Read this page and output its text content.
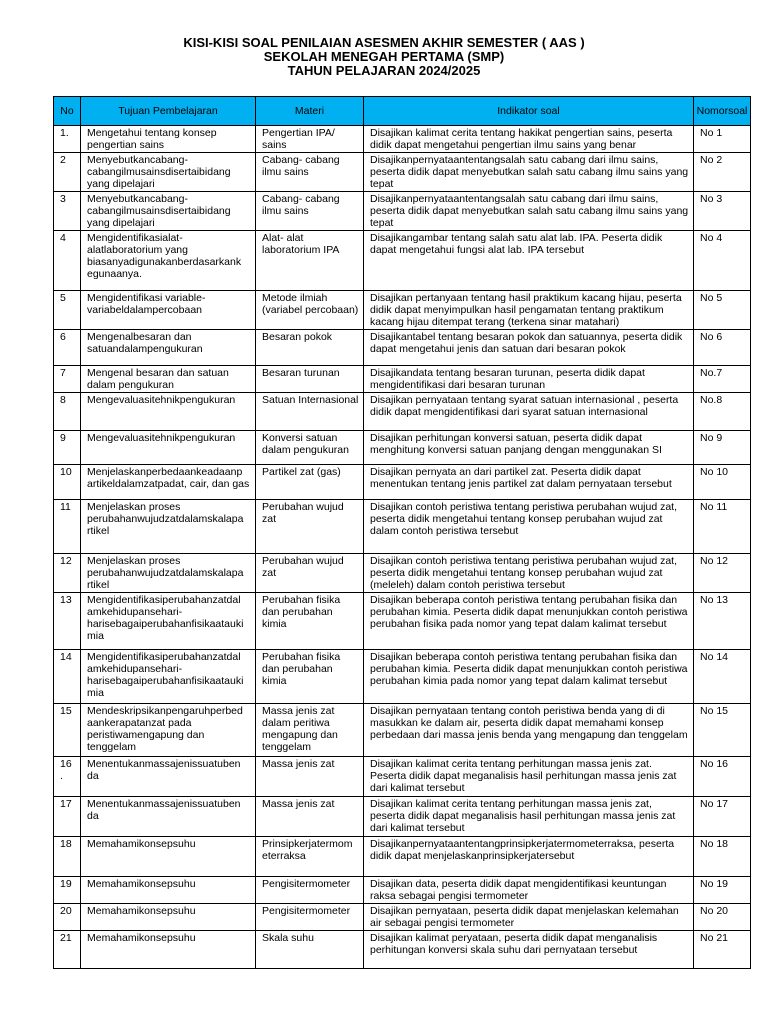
KISI-KISI SOAL PENILAIAN ASESMEN AKHIR SEMESTER ( AAS )
SEKOLAH MENEGAH PERTAMA (SMP)
TAHUN PELAJARAN 2024/2025
No	Tujuan Pembelajaran	Materi	Indikator soal	Nomorsoal
1.	Mengetahui tentang konsep pengertian sains	Pengertian IPA/ sains	Disajikan kalimat cerita tentang hakikat pengertian sains, peserta didik dapat mengetahui pengertian ilmu sains yang benar	No 1
2	Menyebutkancabang-cabangilmusainsdisertaibidang yang dipelajari	Cabang- cabang ilmu sains	Disajikanpernyataantentangsalah satu cabang dari ilmu sains, peserta didik dapat menyebutkan salah satu cabang ilmu sains yang tepat	No 2
3	Menyebutkancabang-cabangilmusainsdisertaibidang yang dipelajari	Cabang- cabang ilmu sains	Disajikanpernyataantentangsalah satu cabang dari ilmu sains, peserta didik dapat menyebutkan salah satu cabang ilmu sains yang tepat	No 3
4	Mengidentifikasialat-alatlaboratorium yang biasanyadigunakanberdasarkank egunaanya.	Alat- alat laboratorium IPA	Disajikangambar tentang salah satu alat lab. IPA. Peserta didik dapat mengetahui fungsi alat lab. IPA tersebut	No 4
5	Mengidentifikasi variable-variabeldalampercobaan	Metode ilmiah (variabel percobaan)	Disajikan pertanyaan tentang hasil praktikum kacang hijau, peserta didik dapat menyimpulkan hasil pengamatan tentang praktikum kacang hijau ditempat terang (terkena sinar matahari)	No 5
6	Mengenalbesaran dan satuandalampengukuran	Besaran pokok	Disajikantabel tentang besaran pokok dan satuannya, peserta didik dapat mengetahui jenis dan satuan dari besaran pokok	No 6
7	Mengenal besaran dan satuan dalam pengukuran	Besaran turunan	Disajikandata tentang besaran turunan, peserta didik dapat mengidentifikasi dari besaran turunan	No.7
8	Mengevaluasitehnikpengukuran	Satuan Internasional	Disajikan pernyataan tentang syarat satuan internasional , peserta didik dapat mengidentifikasi dari syarat satuan internasional	No.8
9	Mengevaluasitehnikpengukuran	Konversi satuan dalam pengukuran	Disajikan perhitungan konversi satuan, peserta didik dapat menghitung konversi satuan panjang dengan menggunakan SI	No 9
10	Menjelaskanperbedaankeadaanp artikeldalamzatpadat, cair, dan gas	Partikel zat (gas)	Disajikan pernyata an dari partikel zat. Peserta didik dapat menentukan tentang jenis partikel zat dalam pernyataan tersebut	No 10
11	Menjelaskan proses perubahanwujudzatdalamskalapa rtikel	Perubahan wujud zat	Disajikan contoh peristiwa tentang peristiwa perubahan wujud zat, peserta didik mengetahui tentang konsep perubahan wujud zat dalam contoh peristiwa tersebut	No 11
12	Menjelaskan proses perubahanwujudzatdalamskalapa rtikel	Perubahan wujud zat	Disajikan contoh peristiwa tentang peristiwa perubahan wujud zat, peserta didik mengetahui tentang konsep perubahan wujud zat (meleleh) dalam contoh peristiwa tersebut	No 12
13	Mengidentifikasiperubahanzatdal amkehidupansehari-harisebagaiperubahanfisikaatauki mia	Perubahan fisika dan perubahan kimia	Disajikan beberapa contoh peristiwa tentang perubahan fisika dan perubahan kimia. Peserta didik dapat menunjukkan contoh peristiwa perubahan fisika pada nomor yang tepat dalam kalimat tersebut	No 13
14	Mengidentifikasiperubahanzatdal amkehidupansehari-harisebagaiperubahanfisikaatauki mia	Perubahan fisika dan perubahan kimia	Disajikan beberapa contoh peristiwa tentang perubahan fisika dan perubahan kimia. Peserta didik dapat menunjukkan contoh peristiwa perubahan kimia pada nomor yang tepat dalam kalimat tersebut	No 14
15	Mendeskripsikanpengaruhperbed aankerapatanzat pada peristiwamengapung dan tenggelam	Massa jenis zat dalam peritiwa mengapung dan tenggelam	Disajikan pernyataan tentang contoh peristiwa benda yang di di masukkan ke dalam air, peserta didik dapat memahami konsep perbedaan dari massa jenis benda yang mengapung dan tenggelam	No 15
16 .	Menentukanmassajenissuatuben da	Massa jenis zat	Disajikan kalimat cerita tentang perhitungan massa jenis zat. Peserta didik dapat meganalisis hasil perhitungan massa jenis zat dari kalimat tersebut	No 16
17	Menentukanmassajenissuatuben da	Massa jenis zat	Disajikan kalimat cerita tentang perhitungan massa jenis zat, peserta didik dapat meganalisis hasil perhitungan massa jenis zat dari kalimat tersebut	No 17
18	Memahamikonsepsuhu	Prinsipkerjatermom eterraksa	Disajikanpernyataantentangprinsipkerjatermometerraksa, peserta didik dapat menjelaskanprinsipkerjatersebut	No 18
19	Memahamikonsepsuhu	Pengisitermometer	Disajikan data, peserta didik dapat mengidentifikasi keuntungan raksa sebagai pengisi termometer	No 19
20	Memahamikonsepsuhu	Pengisitermometer	Disajikan pernyataan, peserta didik dapat menjelaskan kelemahan air sebagai pengisi termometer	No 20
21	Memahamikonsepsuhu	Skala suhu	Disajikan kalimat peryataan, peserta didik dapat menganalisis perhitungan konversi skala suhu dari pernyataan tersebut	No 21
